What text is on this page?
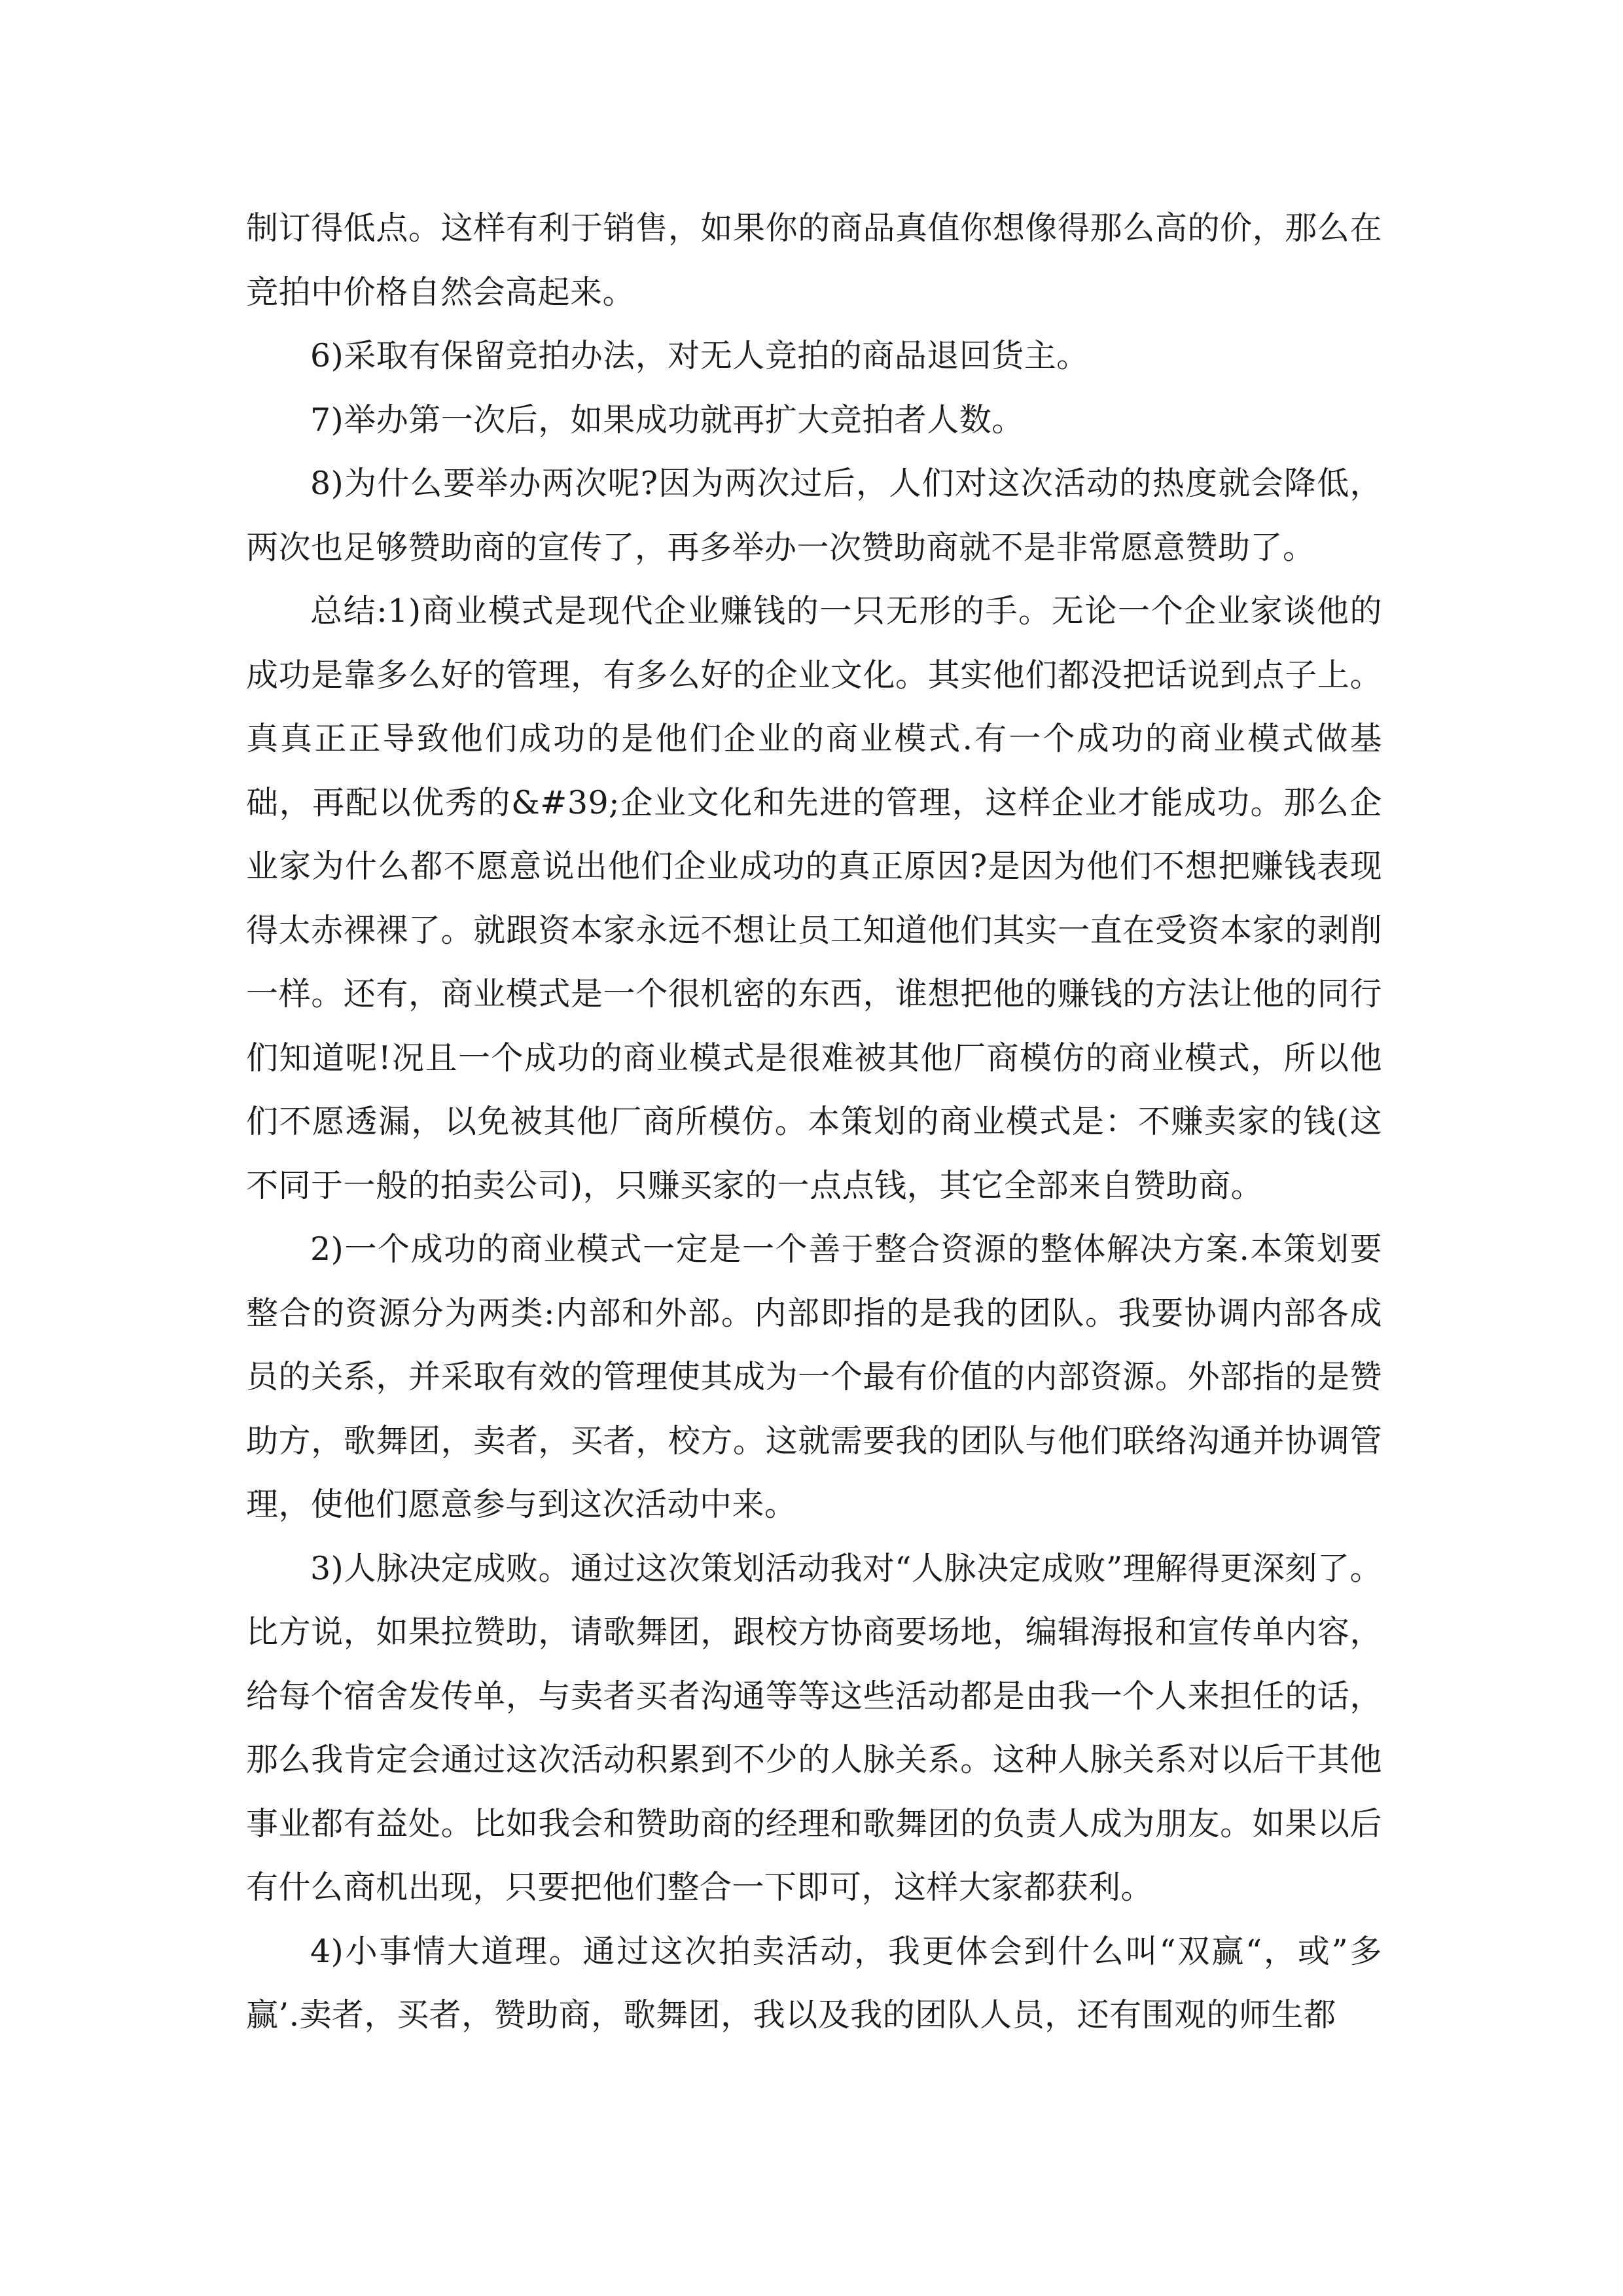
制订得低点。这样有利于销售，如果你的商品真值你想像得那么高的价，那么在竞拍中价格自然会高起来。

6)采取有保留竞拍办法，对无人竞拍的商品退回货主。

7)举办第一次后，如果成功就再扩大竞拍者人数。

8)为什么要举办两次呢?因为两次过后，人们对这次活动的热度就会降低，两次也足够赞助商的宣传了，再多举办一次赞助商就不是非常愿意赞助了。

总结:1)商业模式是现代企业赚钱的一只无形的手。无论一个企业家谈他的成功是靠多么好的管理，有多么好的企业文化。其实他们都没把话说到点子上。真真正正导致他们成功的是他们企业的商业模式.有一个成功的商业模式做基础，再配以优秀的&#39;企业文化和先进的管理，这样企业才能成功。那么企业家为什么都不愿意说出他们企业成功的真正原因?是因为他们不想把赚钱表现得太赤裸裸了。就跟资本家永远不想让员工知道他们其实一直在受资本家的剥削一样。还有，商业模式是一个很机密的东西，谁想把他的赚钱的方法让他的同行们知道呢!况且一个成功的商业模式是很难被其他厂商模仿的商业模式，所以他们不愿透漏，以免被其他厂商所模仿。本策划的商业模式是：不赚卖家的钱(这不同于一般的拍卖公司)，只赚买家的一点点钱，其它全部来自赞助商。

2)一个成功的商业模式一定是一个善于整合资源的整体解决方案.本策划要整合的资源分为两类:内部和外部。内部即指的是我的团队。我要协调内部各成员的关系，并采取有效的管理使其成为一个最有价值的内部资源。外部指的是赞助方，歌舞团，卖者，买者，校方。这就需要我的团队与他们联络沟通并协调管理，使他们愿意参与到这次活动中来。

3)人脉决定成败。通过这次策划活动我对“人脉决定成败”理解得更深刻了。比方说，如果拉赞助，请歌舞团，跟校方协商要场地，编辑海报和宣传单内容，给每个宿舍发传单，与卖者买者沟通等等这些活动都是由我一个人来担任的话，那么我肯定会通过这次活动积累到不少的人脉关系。这种人脉关系对以后干其他事业都有益处。比如我会和赞助商的经理和歌舞团的负责人成为朋友。如果以后有什么商机出现，只要把他们整合一下即可，这样大家都获利。

4)小事情大道理。通过这次拍卖活动，我更体会到什么叫“双赢“，或”多赢’.卖者，买者，赞助商，歌舞团，我以及我的团队人员，还有围观的师生都
